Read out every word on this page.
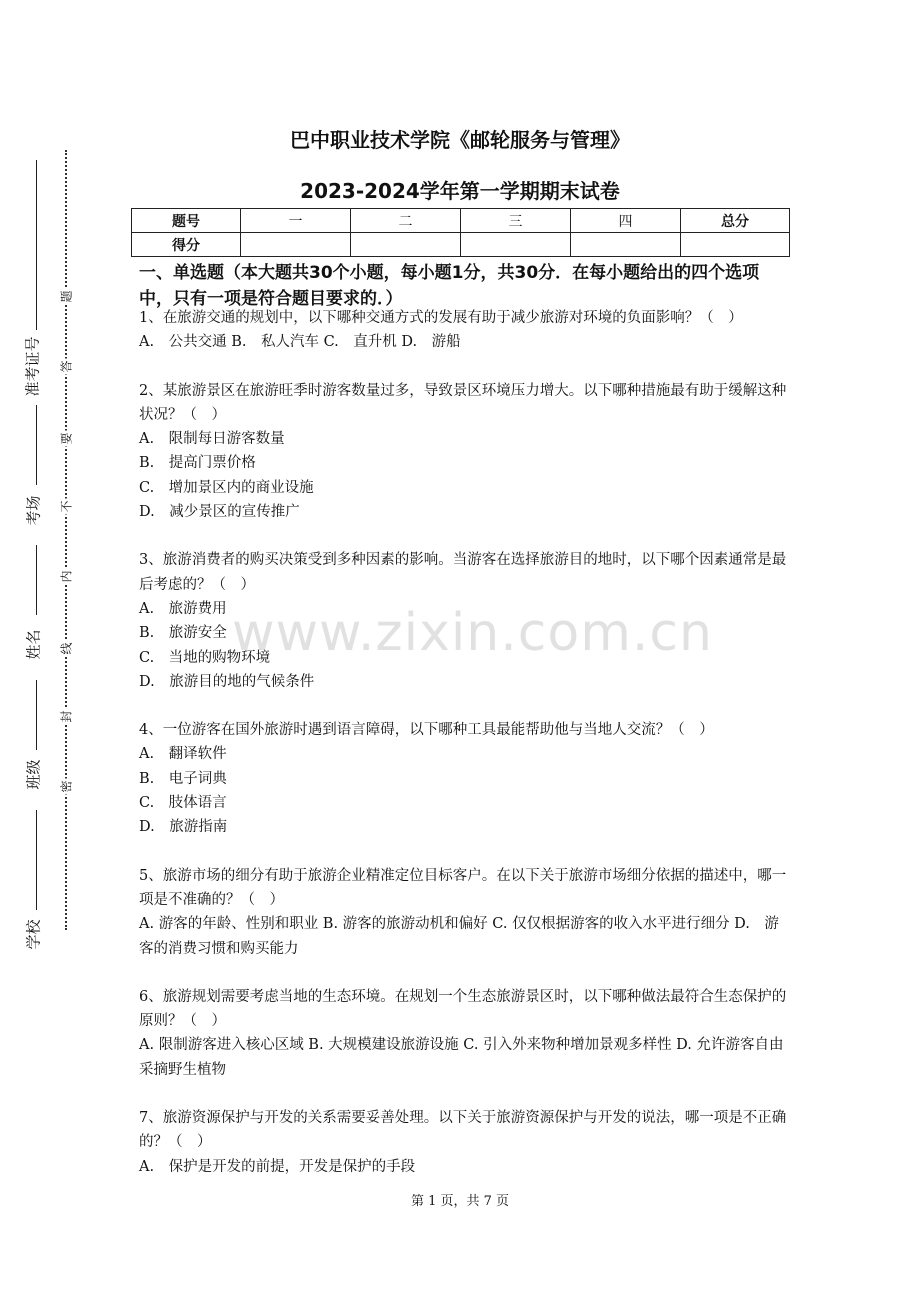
准考证号
考场
姓名
班级
学校
题
答
要
不
内
线
封
密
巴中职业技术学院《邮轮服务与管理》
2023-2024学年第一学期期末试卷
题号	一	二	三	四	总分
得分					
一、单选题（本大题共30个小题，每小题1分，共30分．在每小题给出的四个选项中，只有一项是符合题目要求的．）

1、在旅游交通的规划中，以下哪种交通方式的发展有助于减少旅游对环境的负面影响？（　）

A.　公共交通 B.　私人汽车 C.　直升机 D.　游船

2、某旅游景区在旅游旺季时游客数量过多，导致景区环境压力增大。以下哪种措施最有助于缓解这种状况？（　）

A.　限制每日游客数量

B.　提高门票价格

C.　增加景区内的商业设施

D.　减少景区的宣传推广

3、旅游消费者的购买决策受到多种因素的影响。当游客在选择旅游目的地时，以下哪个因素通常是最后考虑的？（　）

A.　旅游费用

B.　旅游安全

C.　当地的购物环境

D.　旅游目的地的气候条件

4、一位游客在国外旅游时遇到语言障碍，以下哪种工具最能帮助他与当地人交流？（　）

A.　翻译软件

B.　电子词典

C.　肢体语言

D.　旅游指南

5、旅游市场的细分有助于旅游企业精准定位目标客户。在以下关于旅游市场细分依据的描述中，哪一项是不准确的？（　）

A. 游客的年龄、性别和职业 B. 游客的旅游动机和偏好 C. 仅仅根据游客的收入水平进行细分 D.　游客的消费习惯和购买能力

6、旅游规划需要考虑当地的生态环境。在规划一个生态旅游景区时，以下哪种做法最符合生态保护的原则？（　）

A. 限制游客进入核心区域 B. 大规模建设旅游设施 C. 引入外来物种增加景观多样性 D. 允许游客自由采摘野生植物

7、旅游资源保护与开发的关系需要妥善处理。以下关于旅游资源保护与开发的说法，哪一项是不正确的？（　）

A.　保护是开发的前提，开发是保护的手段

www.zixin.com.cn
第 1 页，共 7 页
